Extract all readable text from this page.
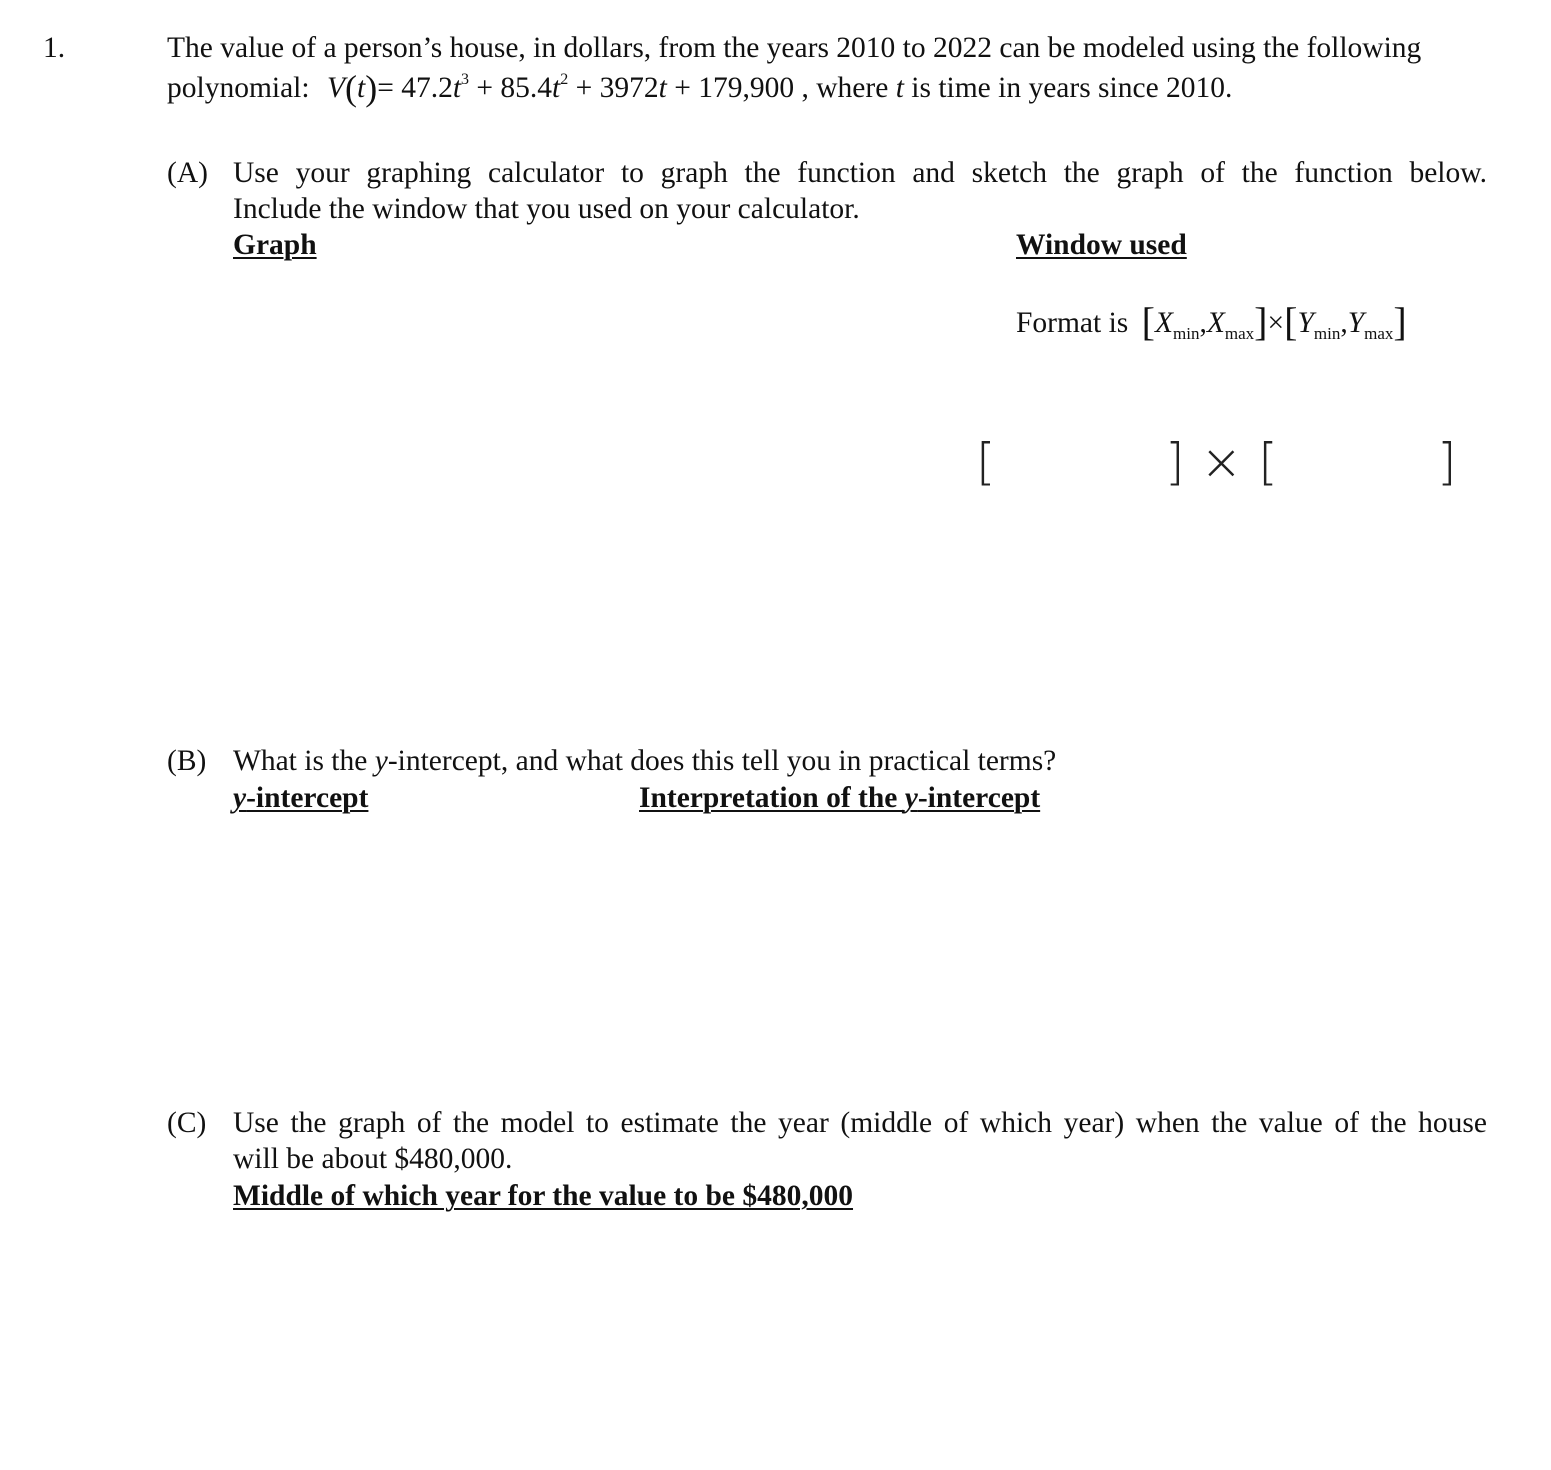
1.	The value of a person’s house, in dollars, from the years 2010 to 2022 can be modeled using the following
polynomial: $V(t)= 47.2t^3 + 85.4t^2 + 3972t + 179,900$ , where t is time in years since 2010.
(A) Use your graphing calculator to graph the function and sketch the graph of the function below.
Include the window that you used on your calculator.
Graph	Window used
Format is $[X_{min},X_{max}]\times[Y_{min},Y_{max}]$
[	] × [	]
(B) What is the y-intercept, and what does this tell you in practical terms?
y-intercept	Interpretation of the y-intercept
(C) Use the graph of the model to estimate the year (middle of which year) when the value of the house
will be about $480,000.
Middle of which year for the value to be $480,000
